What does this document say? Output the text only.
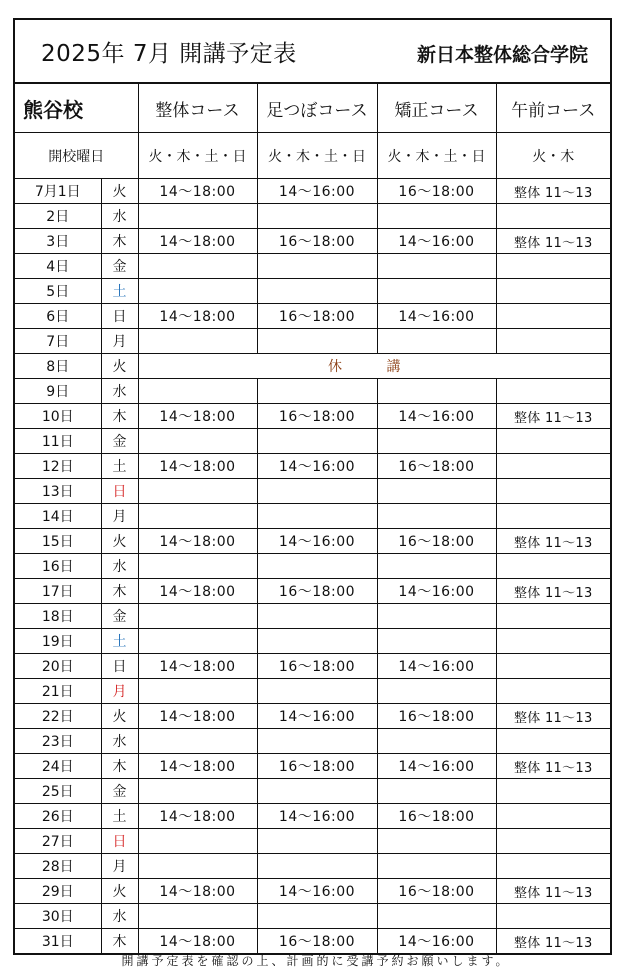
2025年 7月 開講予定表	新日本整体総合学院
熊谷校		整体コース	足つぼコース	矯正コース	午前コース
開校曜日		火・木・土・日	火・木・土・日	火・木・土・日	火・木
7月1日	火	14～18:00	14～16:00	16～18:00	整体 11～13
2日	水				
3日	木	14～18:00	16～18:00	14～16:00	整体 11～13
4日	金				
5日	土				
6日	日	14～18:00	16～18:00	14～16:00	
7日	月				
8日	火	休 講			
9日	水				
10日	木	14～18:00	16～18:00	14～16:00	整体 11～13
11日	金				
12日	土	14～18:00	14～16:00	16～18:00	
13日	日				
14日	月				
15日	火	14～18:00	14～16:00	16～18:00	整体 11～13
16日	水				
17日	木	14～18:00	16～18:00	14～16:00	整体 11～13
18日	金				
19日	土				
20日	日	14～18:00	16～18:00	14～16:00	
21日	月				
22日	火	14～18:00	14～16:00	16～18:00	整体 11～13
23日	水				
24日	木	14～18:00	16～18:00	14～16:00	整体 11～13
25日	金				
26日	土	14～18:00	14～16:00	16～18:00	
27日	日				
28日	月				
29日	火	14～18:00	14～16:00	16～18:00	整体 11～13
30日	水				
31日	木	14～18:00	16～18:00	14～16:00	整体 11～13
開講予定表を確認の上、計画的に受講予約お願いします。
